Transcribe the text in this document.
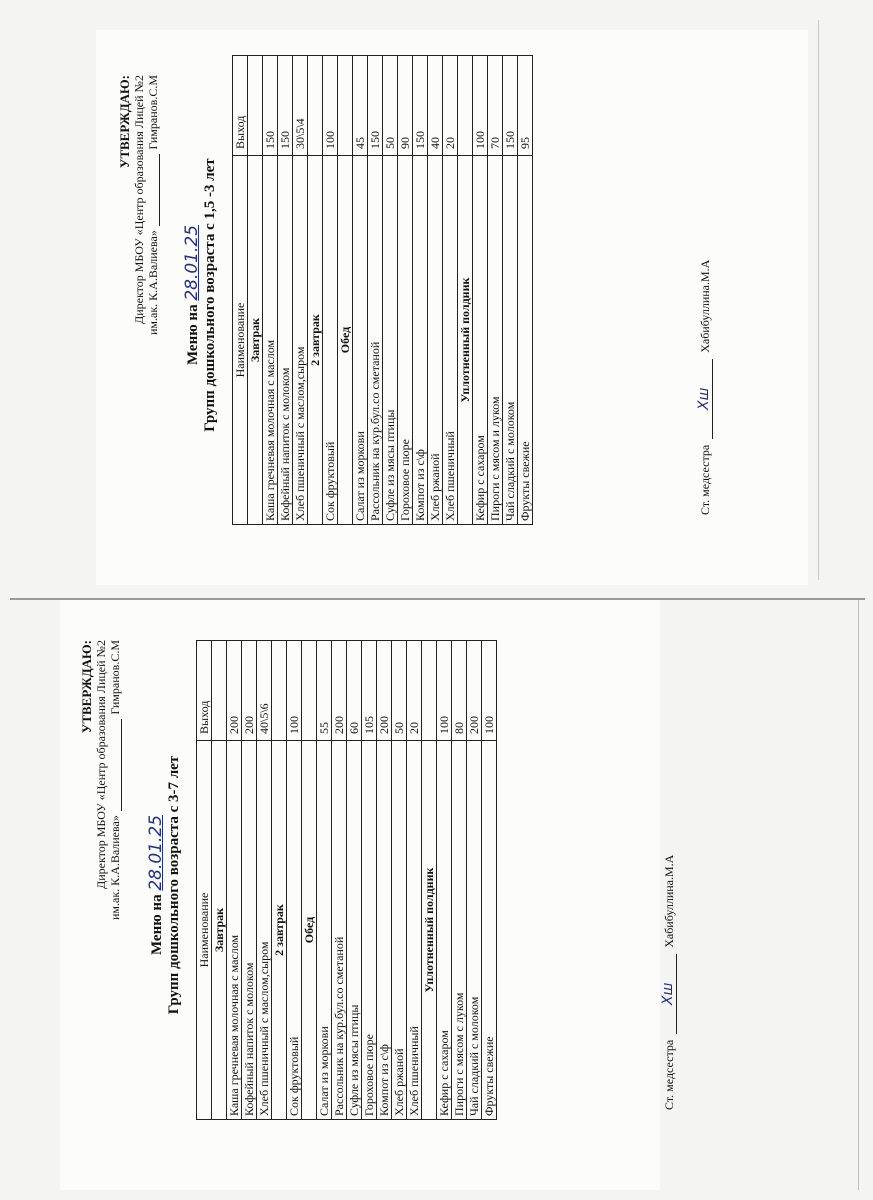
УТВЕРЖДАЮ: Директор МБОУ «Центр образования Лицей №2 им.ак. К.А.Валиева»
Гимранов.С.М
Меню на 28.01.25 Групп дошкольного возраста с 1,5 -3 лет Наименование	Выход
Завтрак	
Каша гречневая молочная с маслом	150
Кофейный напиток с молоком	150
Хлеб пшеничный с маслом,сыром	30\5\4
2 завтрак	
Сок фруктовый	100
Обед	
Салат из моркови	45
Рассольник на кур.бул.со сметаной	150
Суфле из мясы птицы	50
Гороховое пюре	90
Компот из с\ф	150
Хлеб ржаной	40
Хлеб пшеничный	20
Уплотненный полдник	
Кефир с сахаром	100
Пироги с мясом и луком	70
Чай сладкий с молоком	150
Фрукты свежие	95
Ст. медсестра
Хш
Хабибуллина.М.А
УТВЕРЖДАЮ: Директор МБОУ «Центр образования Лицей №2 им.ак. К.А.Валиева»
Гимранов.С.М
Меню на 28.01.25 Групп дошкольного возраста с 3-7 лет Наименование	Выход
Завтрак	
Каша гречневая молочная с маслом	200
Кофейный напиток с молоком	200
Хлеб пшеничный с маслом,сыром	40\5\6
2 завтрак	
Сок фруктовый	100
Обед	
Салат из моркови	55
Рассольник на кур.бул.со сметаной	200
Суфле из мясы птицы	60
Гороховое пюре	105
Компот из с\ф	200
Хлеб ржаной	50
Хлеб пшеничный	20
Уплотненный полдник	
Кефир с сахаром	100
Пироги с мясом с луком	80
Чай сладкий с молоком	200
Фрукты свежие	100
Ст. медсестра
Хш
Хабибуллина.М.А
